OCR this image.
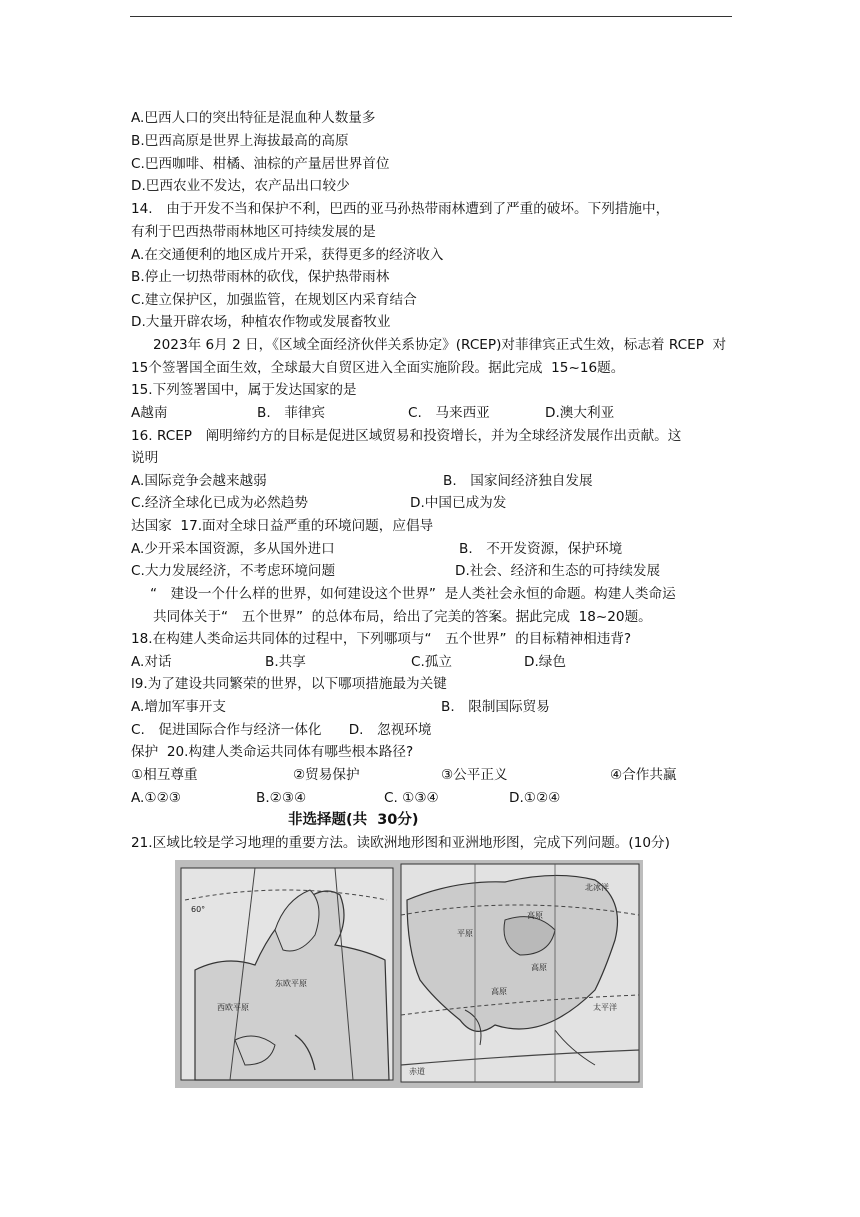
A.巴西人口的突出特征是混血种人数量多
B.巴西高原是世界上海拔最高的高原
C.巴西咖啡、柑橘、油棕的产量居世界首位
D.巴西农业不发达，农产品出口较少
14.　由于开发不当和保护不利，巴西的亚马孙热带雨林遭到了严重的破坏。下列措施中，
有利于巴西热带雨林地区可持续发展的是
A.在交通便利的地区成片开采，获得更多的经济收入
B.停止一切热带雨林的砍伐，保护热带雨林
C.建立保护区，加强监管，在规划区内采育结合
D.大量开辟农场，种植农作物或发展畜牧业
2023年 6月 2 日，《区域全面经济伙伴关系协定》(RCEP)对菲律宾正式生效，标志着 RCEP  对
15个签署国全面生效，全球最大自贸区进入全面实施阶段。据此完成  15~16题。
15.下列签署国中，属于发达国家的是
A越南	B.　菲律宾	C.　马来西亚	D.澳大利亚
16. RCEP　阐明缔约方的目标是促进区域贸易和投资增长，并为全球经济发展作出贡献。这
说明
A.国际竞争会越来越弱	B.　国家间经济独自发展
C.经济全球化已成为必然趋势	D.中国已成为发
达国家  17.面对全球日益严重的环境问题，应倡导
A.少开采本国资源，多从国外进口	B.　不开发资源，保护环境
C.大力发展经济，不考虑环境问题	D.社会、经济和生态的可持续发展
“　建设一个什么样的世界，如何建设这个世界”  是人类社会永恒的命题。构建人类命运
共同体关于“　五个世界”  的总体布局，给出了完美的答案。据此完成  18~20题。
18.在构建人类命运共同体的过程中，下列哪项与“　五个世界”  的目标精神相违背?
A.对话	B.共享	C.孤立	D.绿色
l9.为了建设共同繁荣的世界，以下哪项措施最为关键
A.增加军事开支	B.　限制国际贸易
C.　促进国际合作与经济一体化　　D.　忽视环境
保护  20.构建人类命运共同体有哪些根本路径?
①相互尊重	②贸易保护	③公平正义	④合作共赢
A.①②③	B.②③④	C. ①③④	D.①②④
非选择题(共  30分)
21.区域比较是学习地理的重要方法。读欧洲地形图和亚洲地形图，完成下列问题。(10分)
60°
东欧平原
西欧平原
平原
高原
高原
高原
北冰洋
太平洋
赤道
